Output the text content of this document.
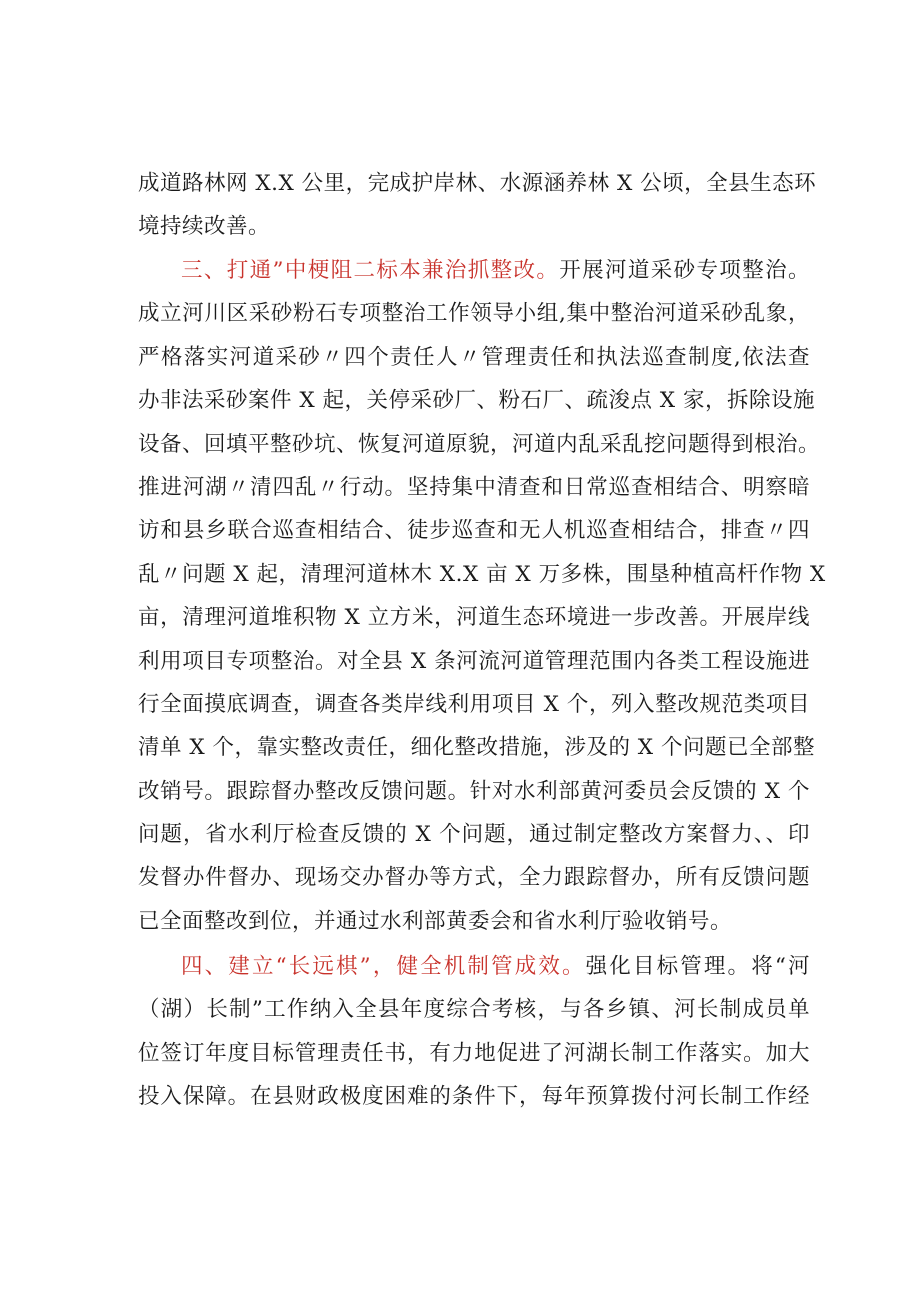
成道路林网 X.X 公里，完成护岸林、水源涵养林 X 公顷，全县生态环
境持续改善。
三、打通”中梗阻二标本兼治抓整改。开展河道采砂专项整治。
成立河川区采砂粉石专项整治工作领导小组,集中整治河道采砂乱象，
严格落实河道采砂〃四个责任人〃管理责任和执法巡查制度,依法查
办非法采砂案件 X 起，关停采砂厂、粉石厂、疏浚点 X 家，拆除设施
设备、回填平整砂坑、恢复河道原貌，河道内乱采乱挖问题得到根治。
推进河湖〃清四乱〃行动。坚持集中清查和日常巡查相结合、明察暗
访和县乡联合巡查相结合、徒步巡查和无人机巡查相结合，排查〃四
乱〃问题 X 起，清理河道林木 X.X 亩 X 万多株，围垦种植高杆作物 X
亩，清理河道堆积物 X 立方米，河道生态环境进一步改善。开展岸线
利用项目专项整治。对全县 X 条河流河道管理范围内各类工程设施进
行全面摸底调查，调查各类岸线利用项目 X 个，列入整改规范类项目
清单 X 个，靠实整改责任，细化整改措施，涉及的 X 个问题已全部整
改销号。跟踪督办整改反馈问题。针对水利部黄河委员会反馈的 X 个
问题，省水利厅检查反馈的 X 个问题，通过制定整改方案督力、、印
发督办件督办、现场交办督办等方式，全力跟踪督办，所有反馈问题
已全面整改到位，并通过水利部黄委会和省水利厅验收销号。
四、建立“长远棋”，健全机制管成效。强化目标管理。将“河
（湖）长制”工作纳入全县年度综合考核，与各乡镇、河长制成员单
位签订年度目标管理责任书，有力地促进了河湖长制工作落实。加大
投入保障。在县财政极度困难的条件下，每年预算拨付河长制工作经
